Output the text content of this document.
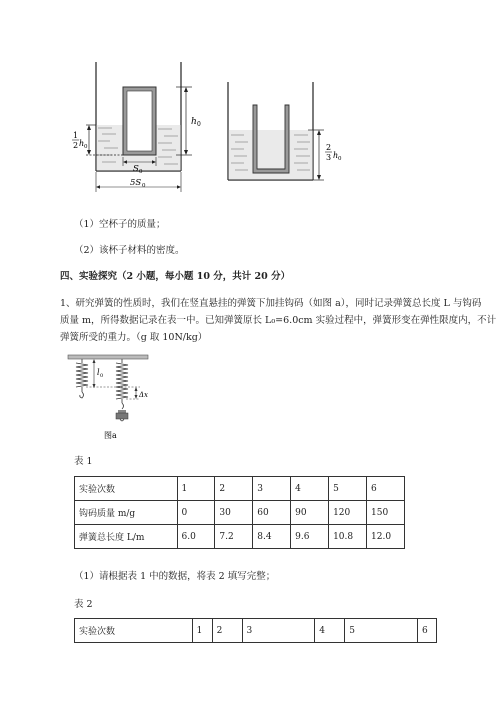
h 0
1
2 h 0
S 0
5S 0
2
3 h 0
（1）空杯子的质量；
（2）该杯子材料的密度。
四、实验探究（2 小题，每小题 10 分，共计 20 分）
1、研究弹簧的性质时，我们在竖直悬挂的弹簧下加挂钩码（如图 a），同时记录弹簧总长度 L 与钩码
质量 m，所得数据记录在表一中。已知弹簧原长 L₀=6.0cm 实验过程中，弹簧形变在弹性限度内，不计
弹簧所受的重力。（g 取 10N/kg）
l 0
Δx
图a
表 1
实验次数	1	2	3	4	5	6
钩码质量 m/g	0	30	60	90	120	150
弹簧总长度 L/m	6.0	7.2	8.4	9.6	10.8	12.0
（1）请根据表 1 中的数据，将表 2 填写完整；
表 2
实验次数	1	2	3	4	5	6
